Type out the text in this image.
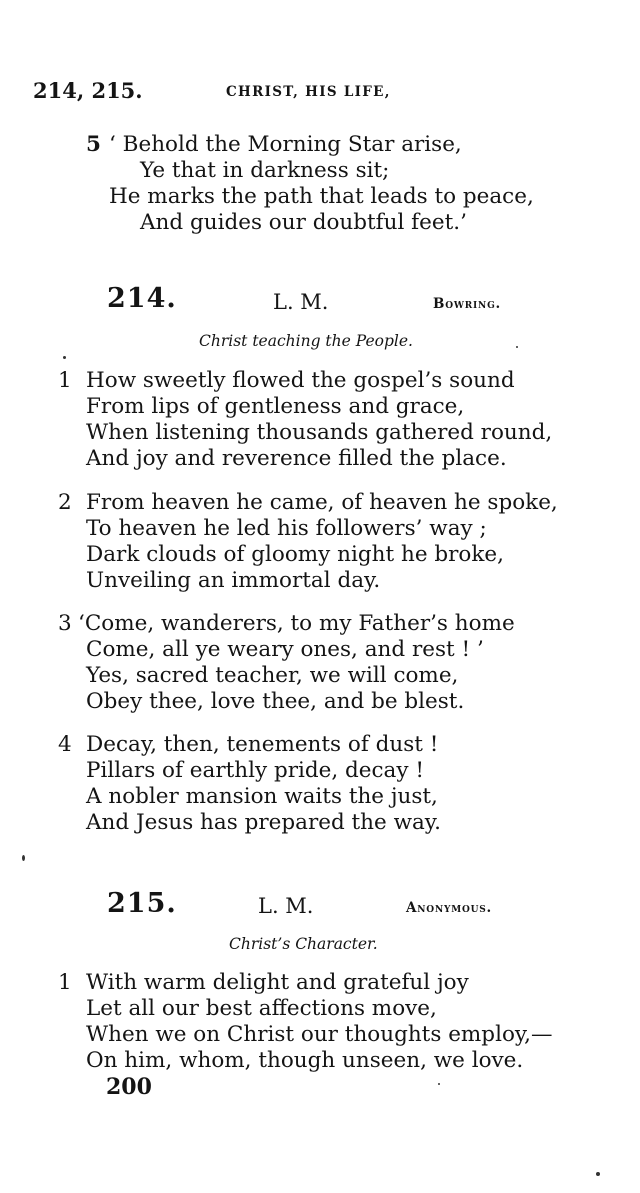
214, 215.	CHRIST, HIS LIFE,
5 ‘ Behold the Morning Star arise,
Ye that in darkness sit;
He marks the path that leads to peace,
And guides our doubtful feet.’
214.	L. M.	Bowring.
Christ teaching the People.
1 How sweetly flowed the gospel’s sound
From lips of gentleness and grace,
When listening thousands gathered round,
And joy and reverence filled the place.
2 From heaven he came, of heaven he spoke,
To heaven he led his followers’ way ;
Dark clouds of gloomy night he broke,
Unveiling an immortal day.
3 ‘Come, wanderers, to my Father’s home
Come, all ye weary ones, and rest ! ’
Yes, sacred teacher, we will come,
Obey thee, love thee, and be blest.
4 Decay, then, tenements of dust !
Pillars of earthly pride, decay !
A nobler mansion waits the just,
And Jesus has prepared the way.
215.	L. M.	Anonymous.
Christ’s Character.
1 With warm delight and grateful joy
Let all our best affections move,
When we on Christ our thoughts employ,—
On him, whom, though unseen, we love.
200
